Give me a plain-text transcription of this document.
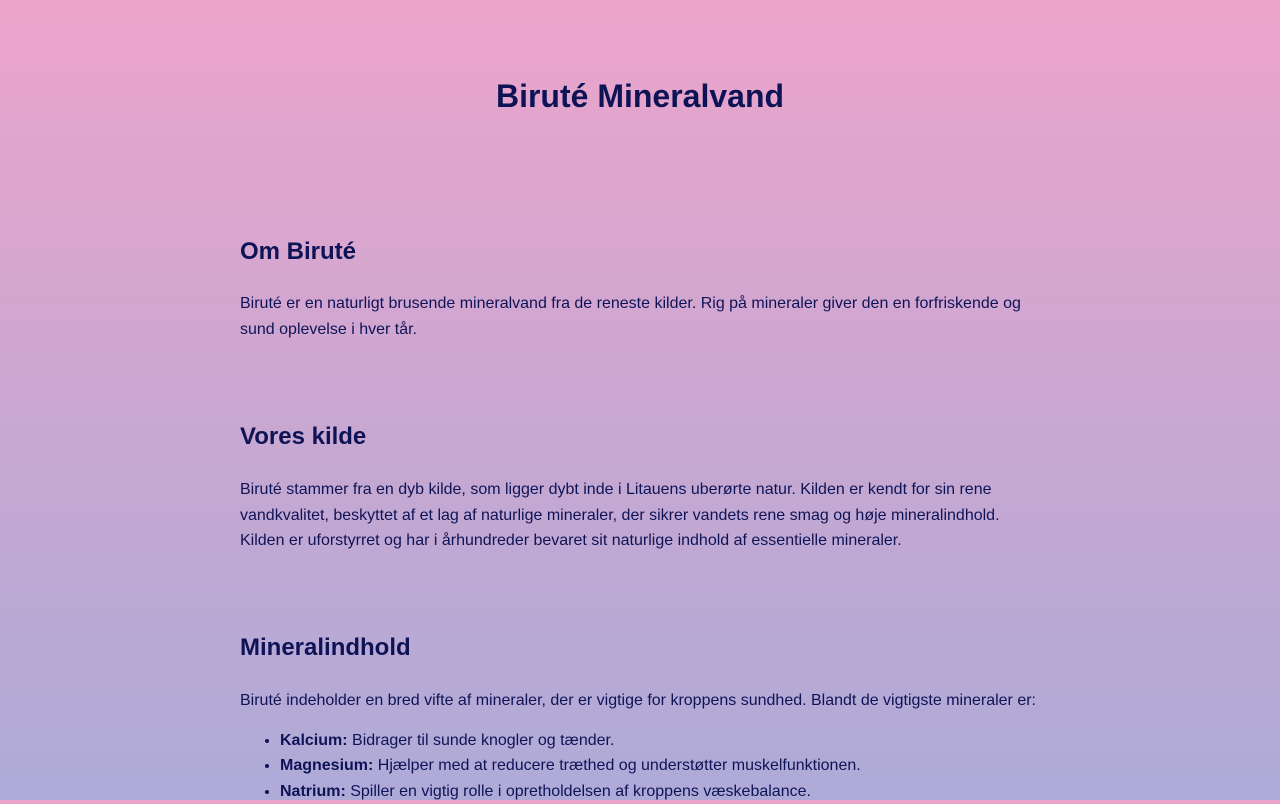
Biruté Mineralvand
Om Biruté

Biruté er en naturligt brusende mineralvand fra de reneste kilder. Rig på mineraler giver den en forfriskende og sund oplevelse i hver tår.

Vores kilde

Biruté stammer fra en dyb kilde, som ligger dybt inde i Litauens uberørte natur. Kilden er kendt for sin rene vandkvalitet, beskyttet af et lag af naturlige mineraler, der sikrer vandets rene smag og høje mineralindhold. Kilden er uforstyrret og har i århundreder bevaret sit naturlige indhold af essentielle mineraler.

Mineralindhold

Biruté indeholder en bred vifte af mineraler, der er vigtige for kroppens sundhed. Blandt de vigtigste mineraler er:

• Kalcium: Bidrager til sunde knogler og tænder.
• Magnesium: Hjælper med at reducere træthed og understøtter muskelfunktionen.
• Natrium: Spiller en vigtig rolle i opretholdelsen af kroppens væskebalance.
